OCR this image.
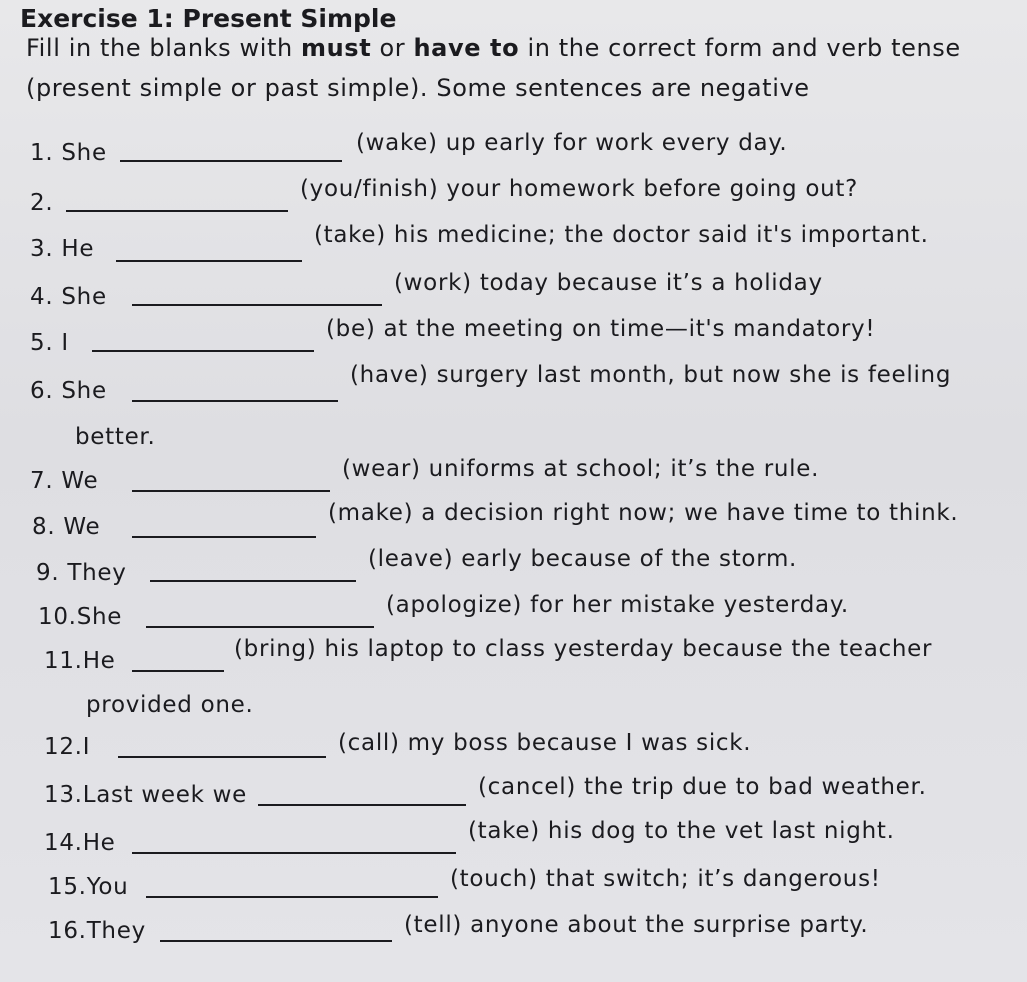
Exercise 1: Present Simple
Fill in the blanks with must or have to in the correct form and verb tense (present simple or past simple). Some sentences are negative
1. She	(wake) up early for work every day.
2.
(you/finish) your homework before going out?
3. He
(take) his medicine; the doctor said it's important.
4. She
(work) today because it’s a holiday
5. I
(be) at the meeting on time—it's mandatory!
6. She
(have) surgery last month, but now she is feeling
better.
7. We	(wear) uniforms at school; it’s the rule.
8. We
(make) a decision right now; we have time to think.
9. They
(leave) early because of the storm.
10.She	(apologize) for her mistake yesterday.
11.He	(bring) his laptop to class yesterday because the teacher
provided one.
12.I	(call) my boss because I was sick.
13.Last week we	(cancel) the trip due to bad weather.
14.He	(take) his dog to the vet last night.
15.You	(touch) that switch; it’s dangerous!
16.They	(tell) anyone about the surprise party.
